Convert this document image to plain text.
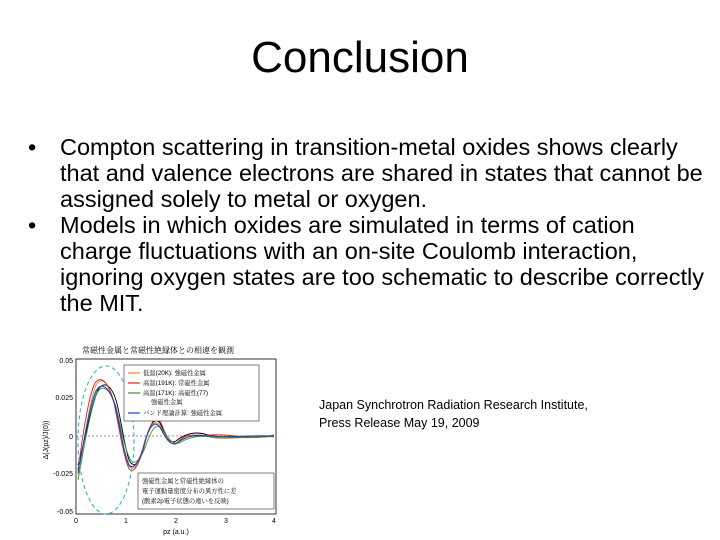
Conclusion
•	Compton scattering in transition-metal oxides shows clearly that and valence electrons are shared in states that cannot be assigned solely to metal or oxygen.
•	Models in which oxides are simulated in terms of cation charge fluctuations with an on-site Coulomb interaction, ignoring oxygen states are too schematic to describe correctly the MIT.
常磁性金属と常磁性絶縁体との相違を観測
0.05
0.025
0
-0.025
-0.05
0	1	2	3	4
Δ(J(pz)/J(0))
pz (a.u.)
低温(20K): 強磁性金属
高温(191K): 常磁性金属
高温(171K): 高磁性(77)
強磁性金属
バンド理論計算: 強磁性金属
強磁性金属と常磁性絶縁体の
電子運動量密度分布の異方性に差
(酸素2p電子状態の違いを反映)
Japan Synchrotron Radiation Research Institute,
Press Release May 19, 2009
